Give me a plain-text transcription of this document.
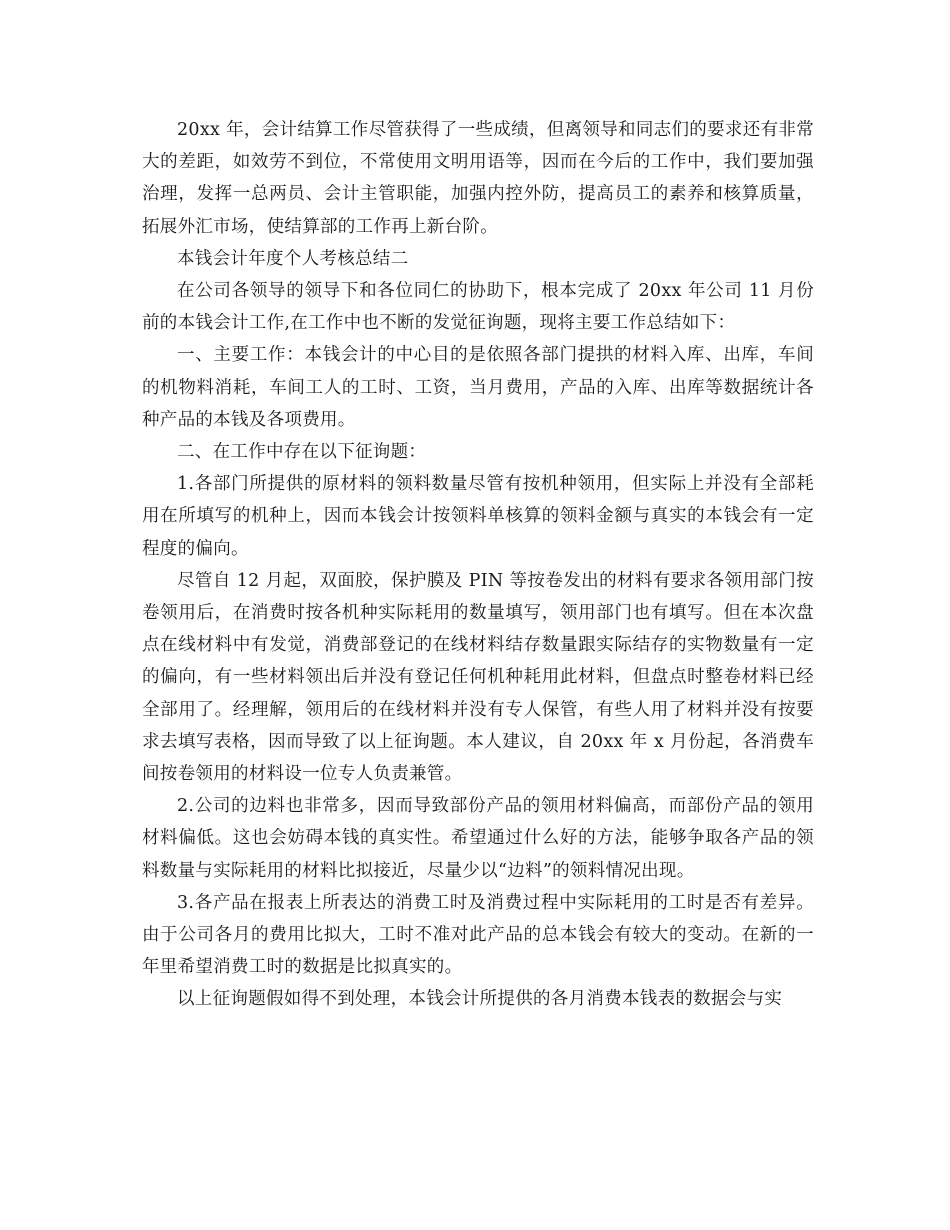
20xx 年，会计结算工作尽管获得了一些成绩，但离领导和同志们的要求还有非常大的差距，如效劳不到位，不常使用文明用语等，因而在今后的工作中，我们要加强治理，发挥一总两员、会计主管职能，加强内控外防，提高员工的素养和核算质量，拓展外汇市场，使结算部的工作再上新台阶。

本钱会计年度个人考核总结二

在公司各领导的领导下和各位同仁的协助下，根本完成了 20xx 年公司 11 月份前的本钱会计工作,在工作中也不断的发觉征询题，现将主要工作总结如下：

一、主要工作：本钱会计的中心目的是依照各部门提拱的材料入库、出库，车间的机物料消耗，车间工人的工时、工资，当月费用，产品的入库、出库等数据统计各种产品的本钱及各项费用。

二、在工作中存在以下征询题：

1.各部门所提供的原材料的领料数量尽管有按机种领用，但实际上并没有全部耗用在所填写的机种上，因而本钱会计按领料单核算的领料金额与真实的本钱会有一定程度的偏向。

尽管自 12 月起，双面胶，保护膜及 PIN 等按卷发出的材料有要求各领用部门按卷领用后，在消费时按各机种实际耗用的数量填写，领用部门也有填写。但在本次盘点在线材料中有发觉，消费部登记的在线材料结存数量跟实际结存的实物数量有一定的偏向，有一些材料领出后并没有登记任何机种耗用此材料，但盘点时整卷材料已经全部用了。经理解，领用后的在线材料并没有专人保管，有些人用了材料并没有按要求去填写表格，因而导致了以上征询题。本人建议，自 20xx 年 x 月份起，各消费车间按卷领用的材料设一位专人负责兼管。

2.公司的边料也非常多，因而导致部份产品的领用材料偏高，而部份产品的领用材料偏低。这也会妨碍本钱的真实性。希望通过什么好的方法，能够争取各产品的领料数量与实际耗用的材料比拟接近，尽量少以“边料”的领料情况出现。

3.各产品在报表上所表达的消费工时及消费过程中实际耗用的工时是否有差异。由于公司各月的费用比拟大，工时不准对此产品的总本钱会有较大的变动。在新的一年里希望消费工时的数据是比拟真实的。

以上征询题假如得不到处理，本钱会计所提供的各月消费本钱表的数据会与实
